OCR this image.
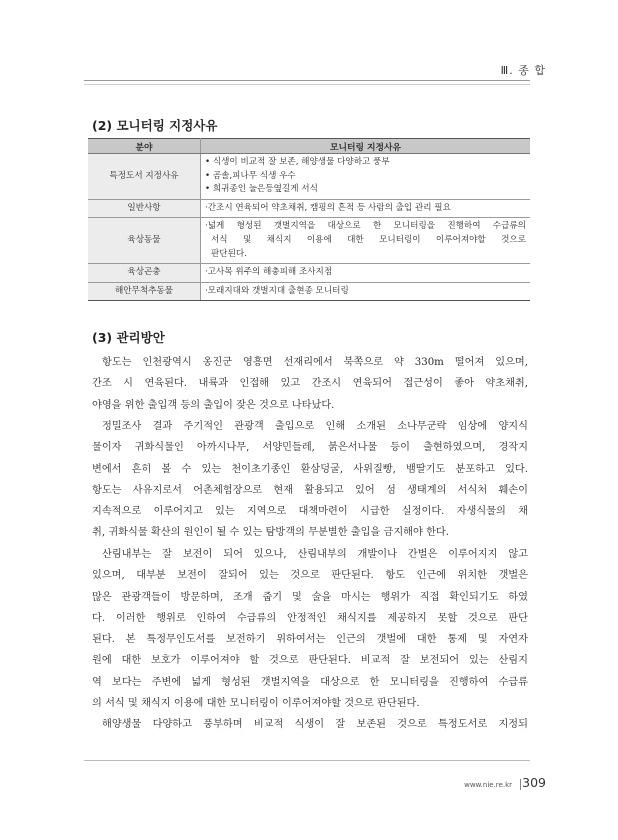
Ⅲ. 종 합
(2) 모니터링 지정사유
분야	모니터링 지정사유
특정도서 지정사유	• 식생이 비교적 잘 보존, 해양생물 다양하고 풍부
• 곰솔,피나무 식생 우수
• 희귀종인 눌은등옆길게 서식

일반사항	·간조시 연육되어 약초채취, 캠핑의 흔적 등 사람의 출입 관리 필요
육상동물	·넓게 형성된 갯벌지역을 대상으로 한 모니터링을 진행하여 수급류의
서식 및 채식지 이용에 대한 모니터링이 이루어져야할 것으로
판단된다.

육상곤충	·고사목 위주의 해충피해 조사지점
해안무척추동물	·모래지대와 갯벌지대 출현종 모니터링
(3) 관리방안
항도는 인천광역시 옹진군 영흥면 선재리에서 북쪽으로 약 330m 떨어져 있으며,
간조 시 연육된다. 내륙과 인접해 있고 간조시 연육되어 접근성이 좋아 약초채취,
야영을 위한 출입객 등의 출입이 잦은 것으로 나타났다.
정밀조사 결과 주기적인 관광객 출입으로 인해 소개된 소나무군락 임상에 양지식
물이자 귀화식물인 아까시나무, 서양민들레, 붉은서나물 등이 출현하였으며, 경작지
변에서 흔히 볼 수 있는 천이초기종인 환삼덩굴, 사위질빵, 뱀딸기도 분포하고 있다.
항도는 사유지로서 어촌체험장으로 현재 활용되고 있어 섬 생태계의 서식처 훼손이
지속적으로 이루어지고 있는 지역으로 대책마련이 시급한 실정이다. 자생식물의 채
취, 귀화식물 확산의 원인이 될 수 있는 탐방객의 무분별한 출입을 금지해야 한다.
산림내부는 잘 보전이 되어 있으나, 산림내부의 개발이나 간벌은 이루어지지 않고
있으며, 대부분 보전이 잘되어 있는 것으로 판단된다. 항도 인근에 위치한 갯벌은
많은 관광객들이 방문하며, 조개 줍기 및 술을 마시는 행위가 직접 확인되기도 하였
다. 이러한 행위로 인하여 수급류의 안정적인 채식지를 제공하지 못할 것으로 판단
된다. 본 특정무인도서를 보전하기 위하여서는 인근의 갯벌에 대한 통제 및 자연자
원에 대한 보호가 이루어져야 할 것으로 판단된다. 비교적 잘 보전되어 있는 산림지
역 보다는 주변에 넓게 형성된 갯벌지역을 대상으로 한 모니터링을 진행하여 수급류
의 서식 및 채식지 이용에 대한 모니터링이 이루어져야할 것으로 판단된다.
해양생물 다양하고 풍부하며 비교적 식생이 잘 보존된 것으로 특정도서로 지정되
www.nie.re.kr 309
